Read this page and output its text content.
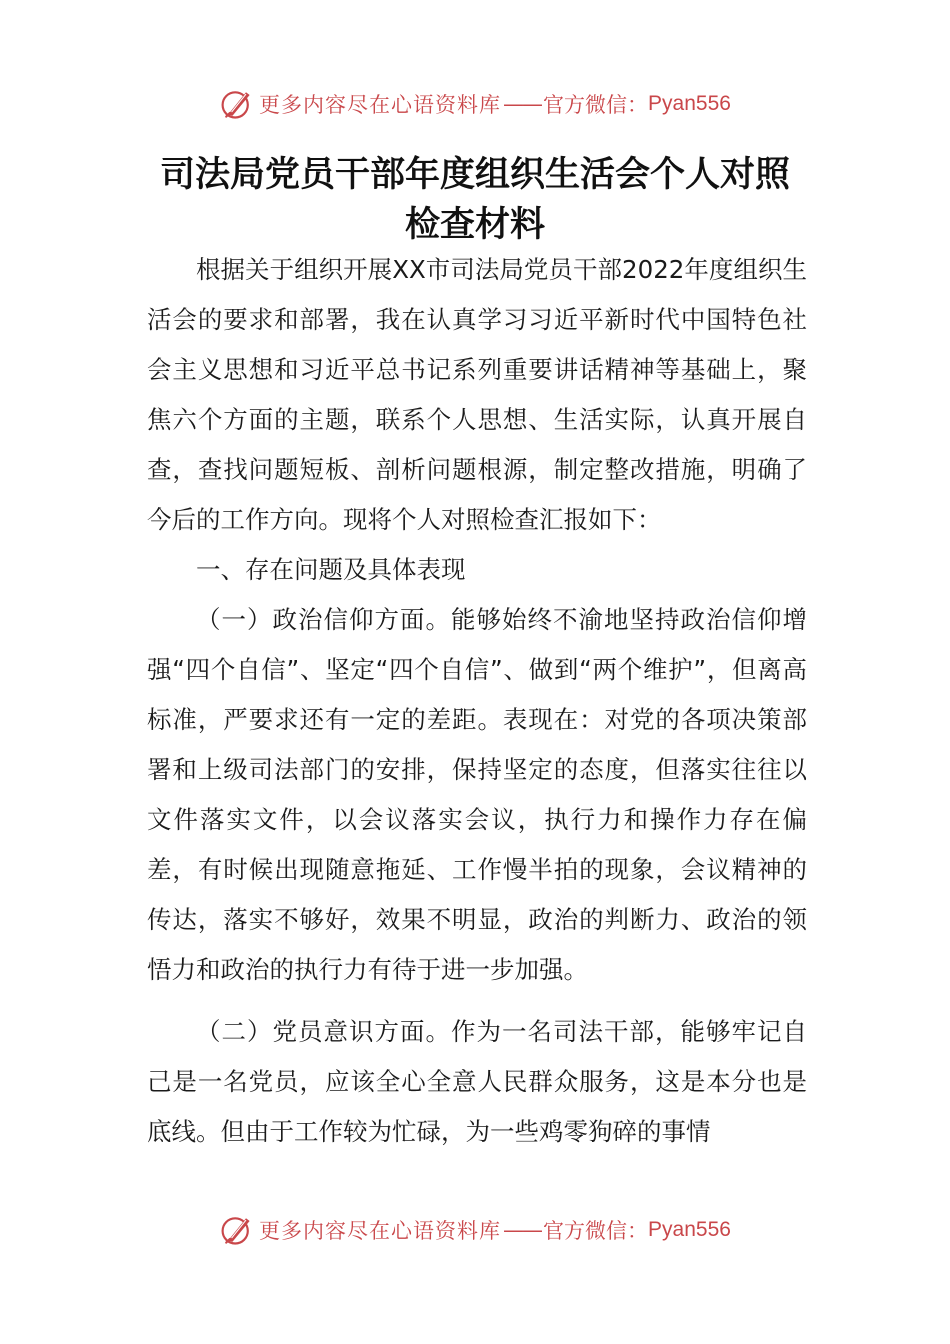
更多内容尽在心语资料库 —— 官方微信： Pyan556
司法局党员干部年度组织生活会个人对照
检查材料

根据关于组织开展XX市司法局党员干部2022年度组织生活会的要求和部署，我在认真学习习近平新时代中国特色社会主义思想和习近平总书记系列重要讲话精神等基础上，聚焦六个方面的主题，联系个人思想、生活实际，认真开展自查，查找问题短板、剖析问题根源，制定整改措施，明确了今后的工作方向。现将个人对照检查汇报如下：

一、存在问题及具体表现

（一）政治信仰方面。能够始终不渝地坚持政治信仰增强“四个自信”、坚定“四个自信”、做到“两个维护”，但离高标准，严要求还有一定的差距。表现在：对党的各项决策部署和上级司法部门的安排，保持坚定的态度，但落实往往以文件落实文件，以会议落实会议，执行力和操作力存在偏差，有时候出现随意拖延、工作慢半拍的现象，会议精神的传达，落实不够好，效果不明显，政治的判断力、政治的领悟力和政治的执行力有待于进一步加强。

（二）党员意识方面。作为一名司法干部，能够牢记自己是一名党员，应该全心全意人民群众服务，这是本分也是底线。但由于工作较为忙碌，为一些鸡零狗碎的事情

更多内容尽在心语资料库 —— 官方微信： Pyan556
